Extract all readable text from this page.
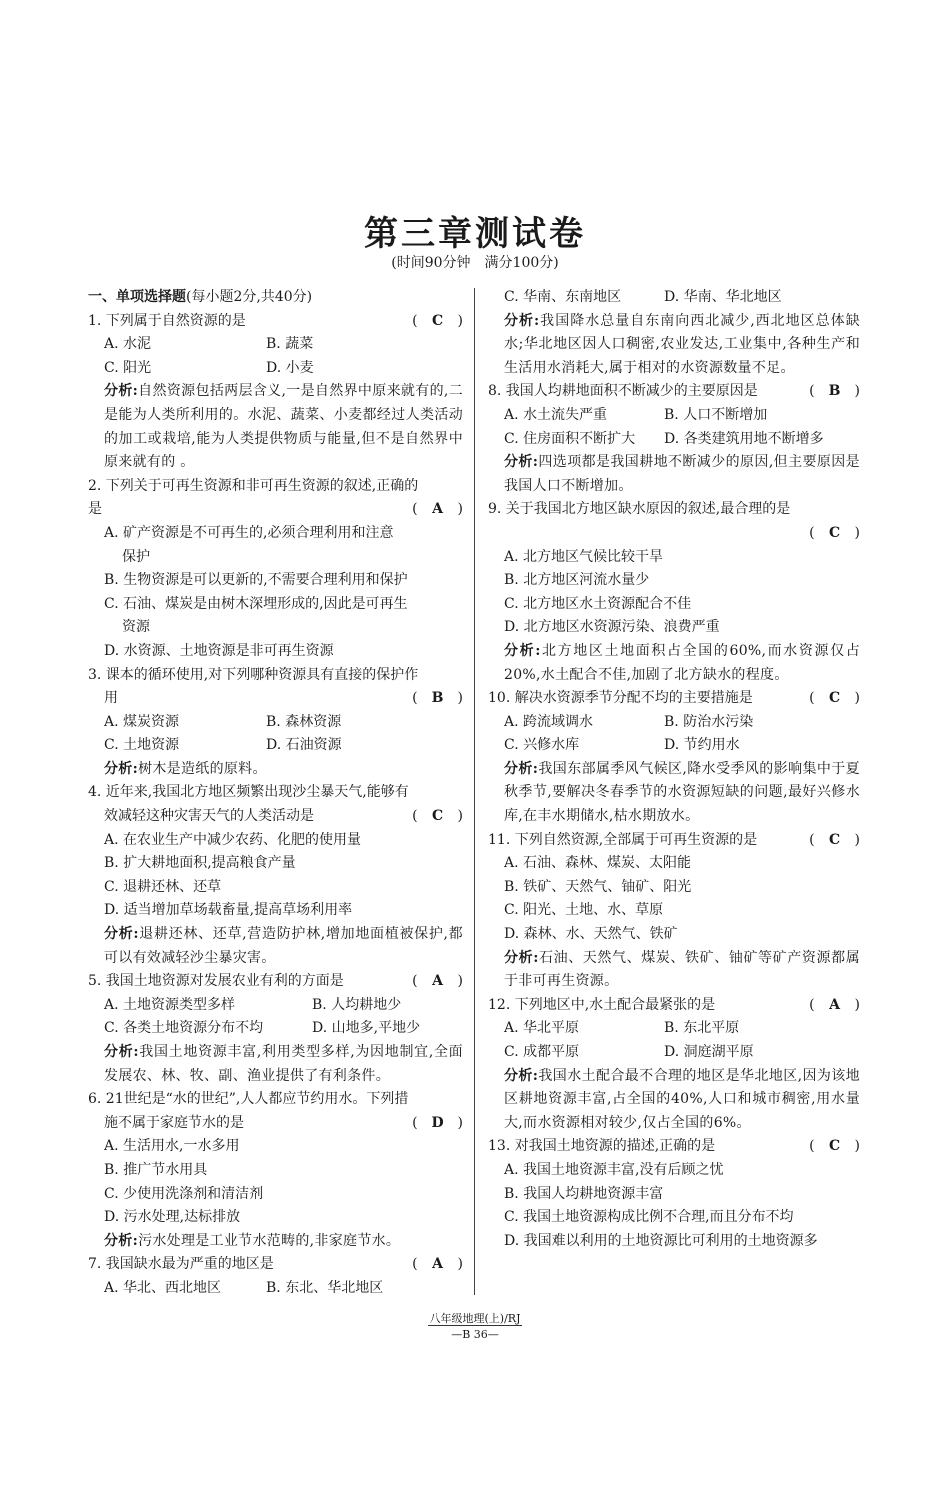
第三章测试卷
(时间90分钟　满分100分)
一、单项选择题(每小题2分,共40分)
1. 下列属于自然资源的是	( C )
A. 水泥	B. 蔬菜
C. 阳光	D. 小麦
分析:自然资源包括两层含义,一是自然界中原来就有的,二是能为人类所利用的。水泥、蔬菜、小麦都经过人类活动的加工或栽培,能为人类提供物质与能量,但不是自然界中原来就有的 。
2. 下列关于可再生资源和非可再生资源的叙述,正确的
是	( A )
A. 矿产资源是不可再生的,必须合理利用和注意
保护
B. 生物资源是可以更新的,不需要合理利用和保护
C. 石油、煤炭是由树木深埋形成的,因此是可再生
资源
D. 水资源、土地资源是非可再生资源
3. 课本的循环使用,对下列哪种资源具有直接的保护作
用	( B )
A. 煤炭资源	B. 森林资源
C. 土地资源	D. 石油资源
分析:树木是造纸的原料。
4. 近年来,我国北方地区频繁出现沙尘暴天气,能够有
效减轻这种灾害天气的人类活动是	( C )
A. 在农业生产中减少农药、化肥的使用量
B. 扩大耕地面积,提高粮食产量
C. 退耕还林、还草
D. 适当增加草场载畜量,提高草场利用率
分析:退耕还林、还草,营造防护林,增加地面植被保护,都可以有效减轻沙尘暴灾害。
5. 我国土地资源对发展农业有利的方面是	( A )
A. 土地资源类型多样	B. 人均耕地少
C. 各类土地资源分布不均	D. 山地多,平地少
分析:我国土地资源丰富,利用类型多样,为因地制宜,全面发展农、林、牧、副、渔业提供了有利条件。
6. 21世纪是“水的世纪”,人人都应节约用水。下列措
施不属于家庭节水的是	( D )
A. 生活用水,一水多用
B. 推广节水用具
C. 少使用洗涤剂和清洁剂
D. 污水处理,达标排放
分析:污水处理是工业节水范畴的,非家庭节水。
7. 我国缺水最为严重的地区是	( A )
A. 华北、西北地区	B. 东北、华北地区
C. 华南、东南地区	D. 华南、华北地区
分析:我国降水总量自东南向西北减少,西北地区总体缺水;华北地区因人口稠密,农业发达,工业集中,各种生产和生活用水消耗大,属于相对的水资源数量不足。
8. 我国人均耕地面积不断减少的主要原因是	( B )
A. 水土流失严重	B. 人口不断增加
C. 住房面积不断扩大 D. 各类建筑用地不断增多
分析:四选项都是我国耕地不断减少的原因,但主要原因是我国人口不断增加。
9. 关于我国北方地区缺水原因的叙述,最合理的是
( C )
A. 北方地区气候比较干旱
B. 北方地区河流水量少
C. 北方地区水土资源配合不佳
D. 北方地区水资源污染、浪费严重
分析:北方地区土地面积占全国的60%,而水资源仅占20%,水土配合不佳,加剧了北方缺水的程度。
10. 解决水资源季节分配不均的主要措施是	( C )
A. 跨流域调水	B. 防治水污染
C. 兴修水库	D. 节约用水
分析:我国东部属季风气候区,降水受季风的影响集中于夏秋季节,要解决冬春季节的水资源短缺的问题,最好兴修水库,在丰水期储水,枯水期放水。
11. 下列自然资源,全部属于可再生资源的是	( C )
A. 石油、森林、煤炭、太阳能
B. 铁矿、天然气、铀矿、阳光
C. 阳光、土地、水、草原
D. 森林、水、天然气、铁矿
分析:石油、天然气、煤炭、铁矿、铀矿等矿产资源都属于非可再生资源。
12. 下列地区中,水土配合最紧张的是	( A )
A. 华北平原	B. 东北平原
C. 成都平原	D. 洞庭湖平原
分析:我国水土配合最不合理的地区是华北地区,因为该地区耕地资源丰富,占全国的40%,人口和城市稠密,用水量大,而水资源相对较少,仅占全国的6%。
13. 对我国土地资源的描述,正确的是	( C )
A. 我国土地资源丰富,没有后顾之忧
B. 我国人均耕地资源丰富
C. 我国土地资源构成比例不合理,而且分布不均
D. 我国难以利用的土地资源比可利用的土地资源多
八年级地理(上)/RJ
—B 36—
